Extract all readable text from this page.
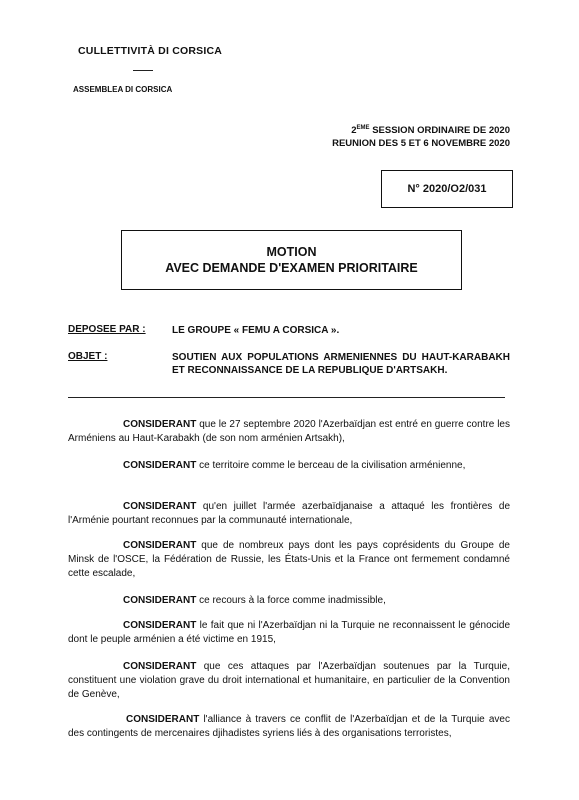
CULLETTIVITÀ DI CORSICA
ASSEMBLEA DI CORSICA
2EME SESSION ORDINAIRE DE 2020
REUNION DES 5 ET 6 NOVEMBRE 2020
N° 2020/O2/031
MOTION
AVEC DEMANDE D'EXAMEN PRIORITAIRE
DEPOSEE PAR :	LE GROUPE « FEMU A CORSICA ».
OBJET :	SOUTIEN AUX POPULATIONS ARMENIENNES DU HAUT-KARABAKH ET RECONNAISSANCE DE LA REPUBLIQUE D'ARTSAKH.
CONSIDERANT que le 27 septembre 2020 l'Azerbaïdjan est entré en guerre contre les Arméniens au Haut-Karabakh (de son nom arménien Artsakh),
CONSIDERANT ce territoire comme le berceau de la civilisation arménienne,
CONSIDERANT qu'en juillet l'armée azerbaïdjanaise a attaqué les frontières de l'Arménie pourtant reconnues par la communauté internationale,
CONSIDERANT que de nombreux pays dont les pays coprésidents du Groupe de Minsk de l'OSCE, la Fédération de Russie, les États-Unis et la France ont fermement condamné cette escalade,
CONSIDERANT ce recours à la force comme inadmissible,
CONSIDERANT le fait que ni l'Azerbaïdjan ni la Turquie ne reconnaissent le génocide dont le peuple arménien a été victime en 1915,
CONSIDERANT que ces attaques par l'Azerbaïdjan soutenues par la Turquie, constituent une violation grave du droit international et humanitaire, en particulier de la Convention de Genève,
CONSIDERANT l'alliance à travers ce conflit de l'Azerbaïdjan et de la Turquie avec des contingents de mercenaires djihadistes syriens liés à des organisations terroristes,
